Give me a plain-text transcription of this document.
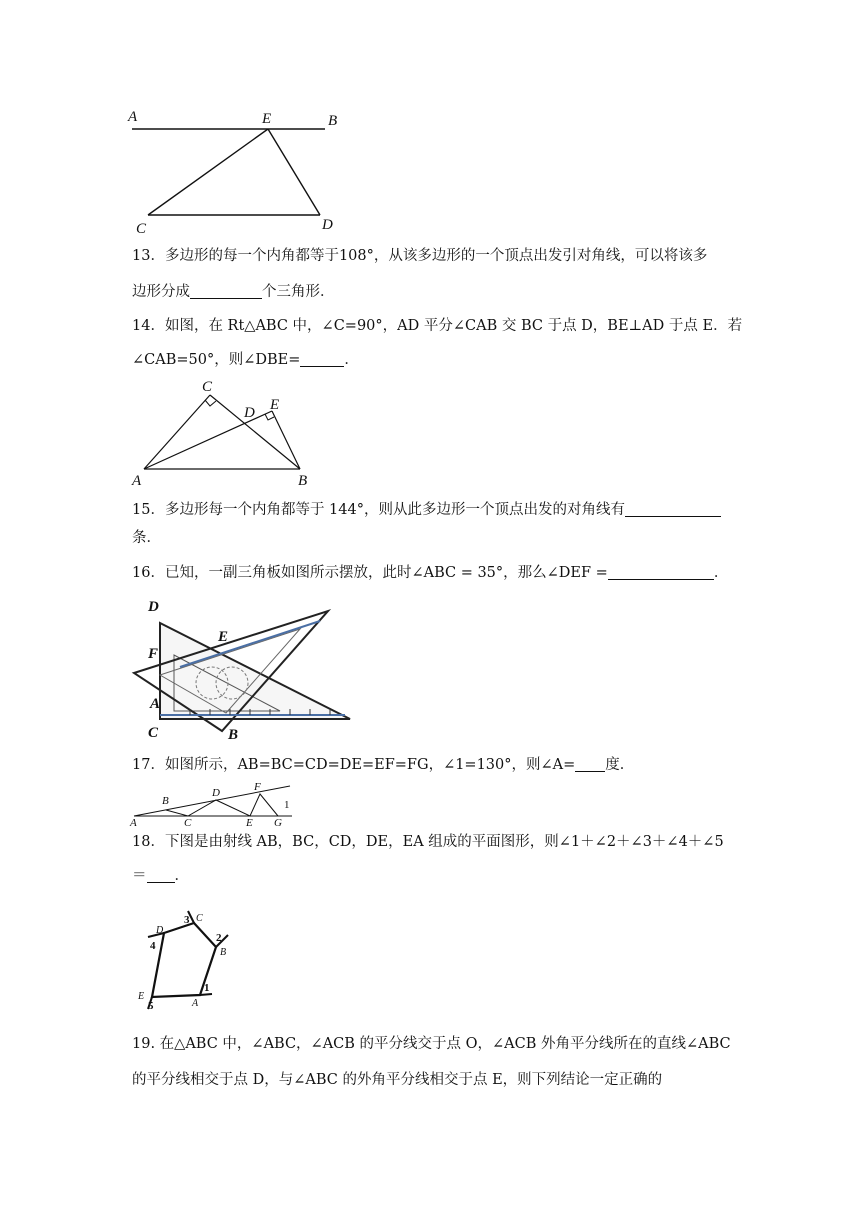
A	E	B
C	D
13．多边形的每一个内角都等于108°，从该多边形的一个顶点出发引对角线，可以将该多
边形分成	个三角形．
14．如图，在 Rt△ABC 中，∠C=90°，AD 平分∠CAB 交 BC 于点 D，BE⊥AD 于点 E．若
∠CAB=50°，则∠DBE=	．
C
D E
A	B
15．多边形每一个内角都等于 144°，则从此多边形一个顶点出发的对角线有
条．
16．已知，一副三角板如图所示摆放，此时∠ABC = 35°，那么∠DEF =	．
D
E
F
A
C	B
17．如图所示，AB=BC=CD=DE=EF=FG，∠1=130°，则∠A= 度．
A
B
C
D
E
F
G
1
18．下图是由射线 AB，BC，CD，DE，EA 组成的平面图形，则∠1＋∠2＋∠3＋∠4＋∠5
＝ ．
3 C
D
4
2
B
E
5	A
1
19. 在△ABC 中，∠ABC，∠ACB 的平分线交于点 O，∠ACB 外角平分线所在的直线∠ABC
的平分线相交于点 D，与∠ABC 的外角平分线相交于点 E，则下列结论一定正确的
